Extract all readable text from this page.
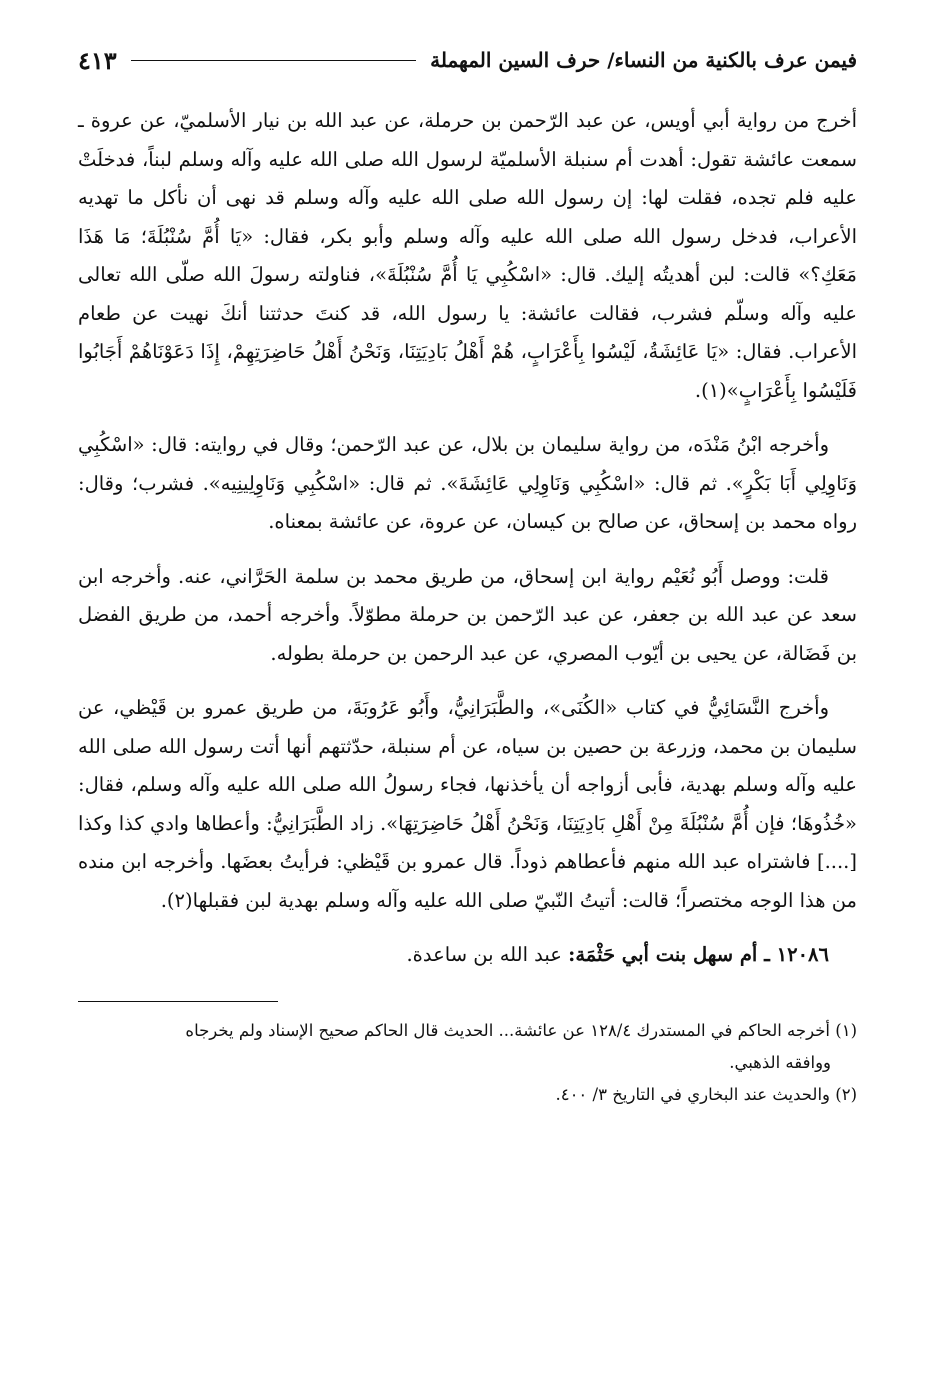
فيمن عرف بالكنية من النساء/ حرف السين المهملة
٤١٣

أخرج من رواية أبي أويس، عن عبد الرّحمن بن حرملة، عن عبد الله بن نيار الأسلميّ، عن عروة ـ سمعت عائشة تقول: أهدت أم سنبلة الأسلميّة لرسول الله صلى الله عليه وآله وسلم لبناً، فدخلَتْ عليه فلم تجده، فقلت لها: إن رسول الله صلى الله عليه وآله وسلم قد نهى أن نأكل ما تهديه الأعراب، فدخل رسول الله صلى الله عليه وآله وسلم وأبو بكر، فقال: «يَا أُمَّ سُنْبُلَةَ؛ مَا هَذَا مَعَكِ؟» قالت: لبن أهديتُه إليك. قال: «اسْكُبِي يَا أُمَّ سُنْبُلَةَ»، فناولته رسولَ الله صلّى الله تعالى عليه وآله وسلّم فشرب، فقالت عائشة: يا رسول الله، قد كنتَ حدثتنا أنكَ نهيت عن طعام الأعراب. فقال: «يَا عَائِشَةُ، لَيْسُوا بِأَعْرَابٍ، هُمْ أَهْلُ بَادِيَتِنَا، وَنَحْنُ أَهْلُ حَاضِرَتِهِمْ، إِذَا دَعَوْنَاهُمْ أَجَابُوا فَلَيْسُوا بِأَعْرَابٍ»(١).

وأخرجه ابْنُ مَنْدَه، من رواية سليمان بن بلال، عن عبد الرّحمن؛ وقال في روايته: قال: «اسْكُبِي وَنَاوِلِي أَبَا بَكْرٍ». ثم قال: «اسْكُبِي وَنَاوِلِي عَائِشَةَ». ثم قال: «اسْكُبِي وَنَاوِلِينِيه». فشرب؛ وقال: رواه محمد بن إسحاق، عن صالح بن كيسان، عن عروة، عن عائشة بمعناه.

قلت: ووصل أَبُو نُعَيْم رواية ابن إسحاق، من طريق محمد بن سلمة الحَرَّاني، عنه. وأخرجه ابن سعد عن عبد الله بن جعفر، عن عبد الرّحمن بن حرملة مطوّلاً. وأخرجه أحمد، من طريق الفضل بن فَضَالة، عن يحيى بن أيّوب المصري، عن عبد الرحمن بن حرملة بطوله.

وأخرج النَّسَائِيُّ في كتاب «الكُنَى»، والطَّبَرَانِيُّ، وأَبُو عَرُوبَةَ، من طريق عمرو بن قَيْظي، عن سليمان بن محمد، وزرعة بن حصين بن سياه، عن أم سنبلة، حدّثتهم أنها أتت رسول الله صلى الله عليه وآله وسلم بهدية، فأبى أزواجه أن يأخذنها، فجاء رسولُ الله صلى الله عليه وآله وسلم، فقال: «خُذُوهَا؛ فإن أُمَّ سُنْبُلَةَ مِنْ أَهْلِ بَادِيَتِنَا، وَنَحْنُ أَهْلُ حَاضِرَتِهَا». زاد الطَّبَرَانِيُّ: وأعطاها وادي كذا وكذا [....] فاشتراه عبد الله منهم فأعطاهم ذوداً. قال عمرو بن قَيْظي: فرأيتُ بعضَها. وأخرجه ابن منده من هذا الوجه مختصراً؛ قالت: أتيتُ النّبيّ صلى الله عليه وآله وسلم بهدية لبن فقبلها(٢).

١٢٠٨٦ ـ أم سهل بنت أبي حَثْمَة: عبد الله بن ساعدة.

(١) أخرجه الحاكم في المستدرك ١٢٨/٤ عن عائشة... الحديث قال الحاكم صحيح الإسناد ولم يخرجاه

ووافقه الذهبي.

(٢) والحديث عند البخاري في التاريخ ٣/ ٤٠٠.
